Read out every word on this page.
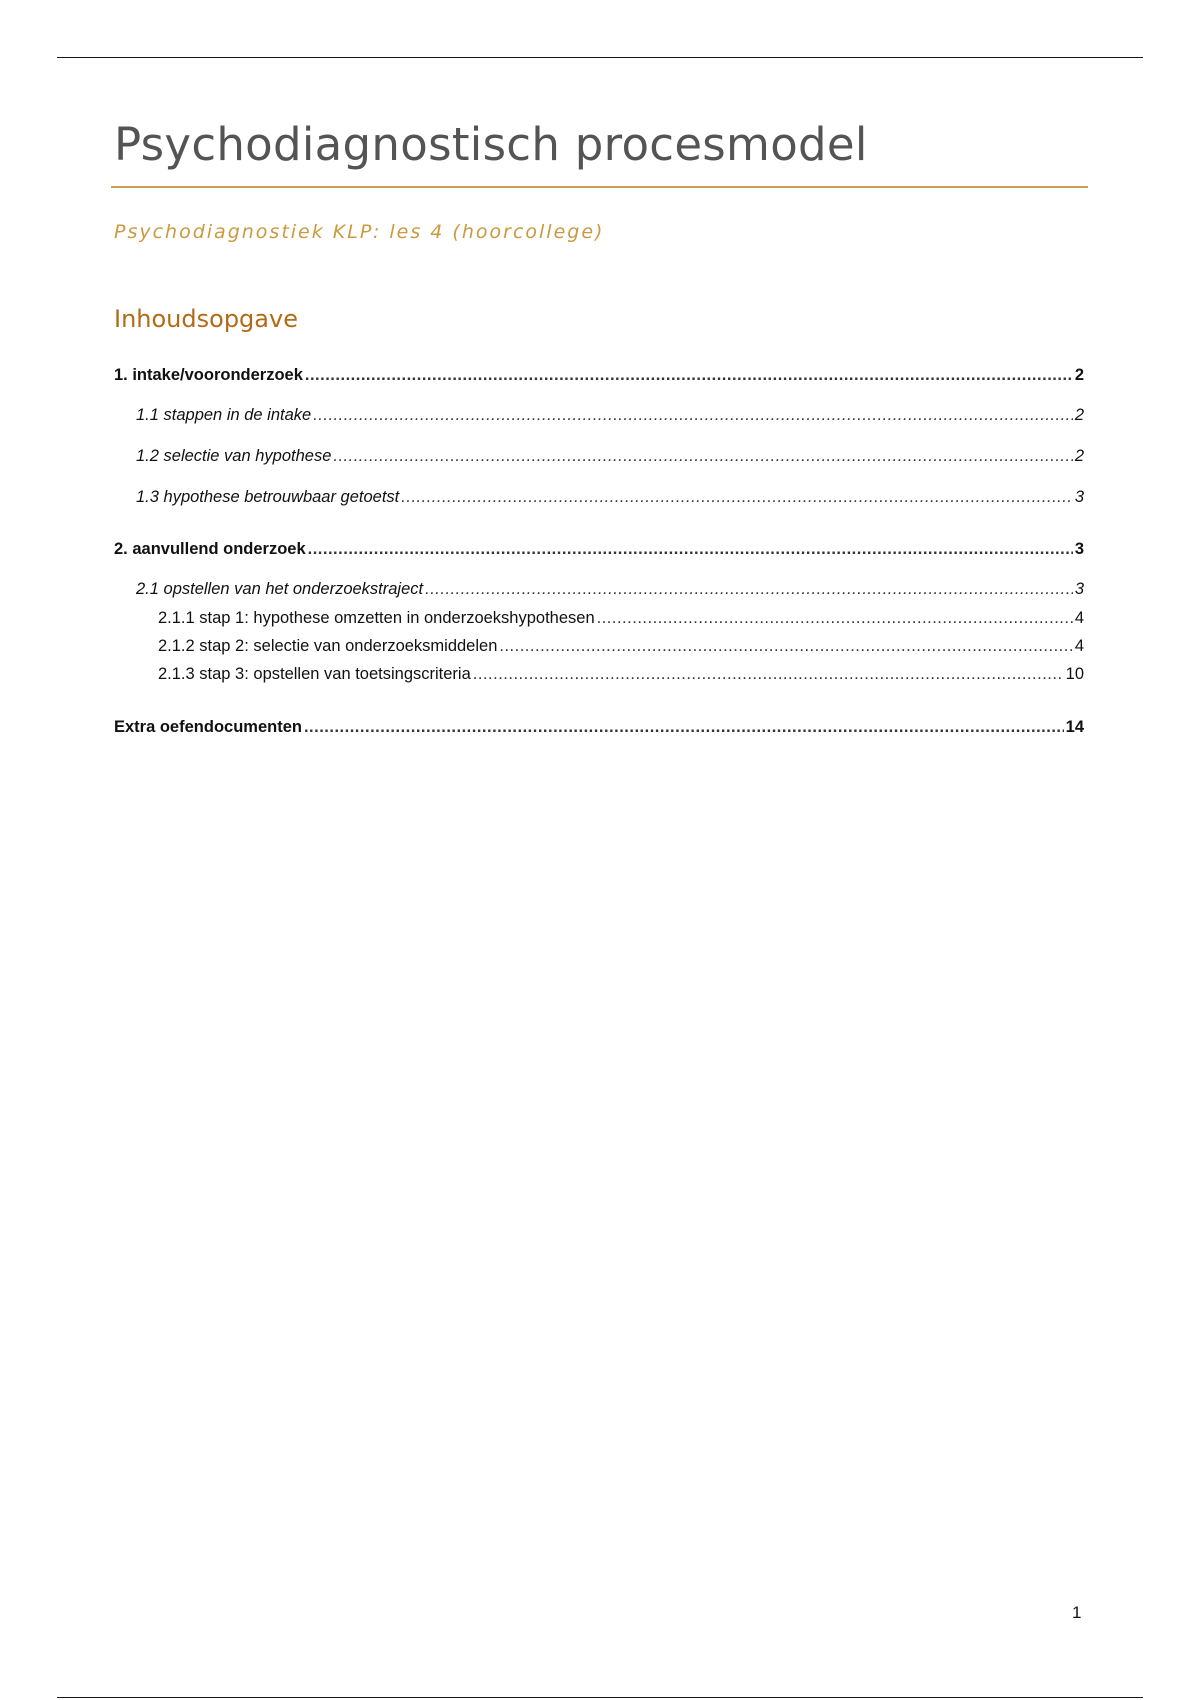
Psychodiagnostisch procesmodel
Psychodiagnostiek KLP: les 4 (hoorcollege)
Inhoudsopgave
1. intake/vooronderzoek .....	2
1.1 stappen in de intake .....	2
1.2 selectie van hypothese .....	2
1.3 hypothese betrouwbaar getoetst .....	3
2. aanvullend onderzoek .....	3
2.1 opstellen van het onderzoekstraject .....	3
2.1.1 stap 1: hypothese omzetten in onderzoekshypothesen .....	4
2.1.2 stap 2: selectie van onderzoeksmiddelen .....	4
2.1.3 stap 3: opstellen van toetsingscriteria .....	10
Extra oefendocumenten .....	14
1
